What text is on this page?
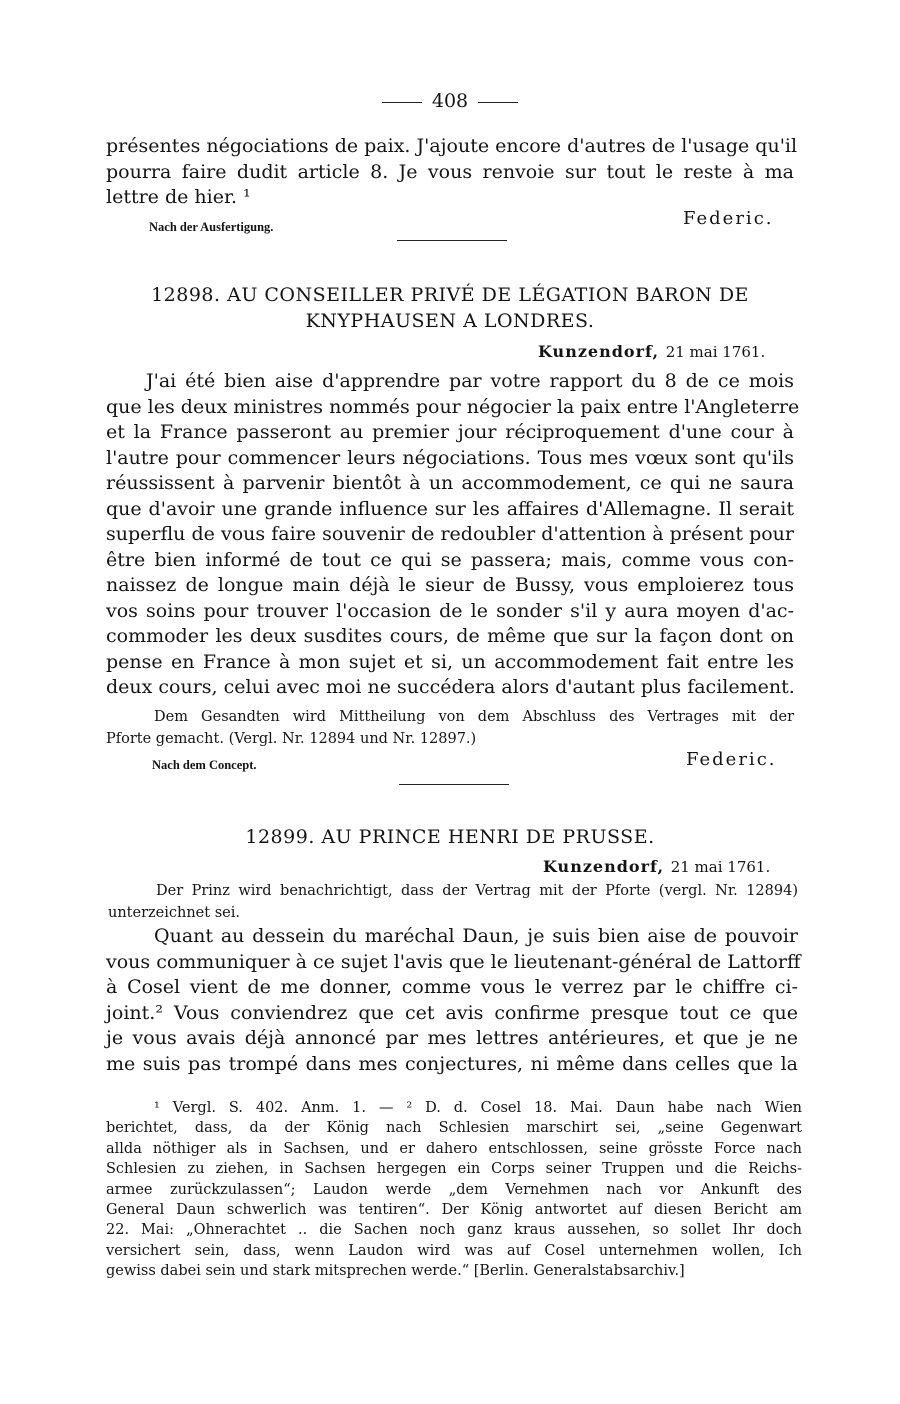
408
présentes négociations de paix. J'ajoute encore d'autres de l'usage qu'il
pourra faire dudit article 8. Je vous renvoie sur tout le reste à ma
lettre de hier. ¹
Nach der Ausfertigung.	Federic.
12898. AU CONSEILLER PRIVÉ DE LÉGATION BARON DE
KNYPHAUSEN A LONDRES.
Kunzendorf, 21 mai 1761.
J'ai été bien aise d'apprendre par votre rapport du 8 de ce mois
que les deux ministres nommés pour négocier la paix entre l'Angleterre
et la France passeront au premier jour réciproquement d'une cour à
l'autre pour commencer leurs négociations. Tous mes vœux sont qu'ils
réussissent à parvenir bientôt à un accommodement, ce qui ne saura
que d'avoir une grande influence sur les affaires d'Allemagne. Il serait
superflu de vous faire souvenir de redoubler d'attention à présent pour
être bien informé de tout ce qui se passera; mais, comme vous con-
naissez de longue main déjà le sieur de Bussy, vous emploierez tous
vos soins pour trouver l'occasion de le sonder s'il y aura moyen d'ac-
commoder les deux susdites cours, de même que sur la façon dont on
pense en France à mon sujet et si, un accommodement fait entre les
deux cours, celui avec moi ne succédera alors d'autant plus facilement.
Dem Gesandten wird Mittheilung von dem Abschluss des Vertrages mit der
Pforte gemacht. (Vergl. Nr. 12894 und Nr. 12897.)
Nach dem Concept.	Federic.
12899. AU PRINCE HENRI DE PRUSSE.
Kunzendorf, 21 mai 1761.
Der Prinz wird benachrichtigt, dass der Vertrag mit der Pforte (vergl. Nr. 12894)
unterzeichnet sei.
Quant au dessein du maréchal Daun, je suis bien aise de pouvoir
vous communiquer à ce sujet l'avis que le lieutenant-général de Lattorff
à Cosel vient de me donner, comme vous le verrez par le chiffre ci-
joint.² Vous conviendrez que cet avis confirme presque tout ce que
je vous avais déjà annoncé par mes lettres antérieures, et que je ne
me suis pas trompé dans mes conjectures, ni même dans celles que la
¹ Vergl. S. 402. Anm. 1. — ² D. d. Cosel 18. Mai. Daun habe nach Wien
berichtet, dass, da der König nach Schlesien marschirt sei, „seine Gegenwart
allda nöthiger als in Sachsen, und er dahero entschlossen, seine grösste Force nach
Schlesien zu ziehen, in Sachsen hergegen ein Corps seiner Truppen und die Reichs-
armee zurückzulassen“; Laudon werde „dem Vernehmen nach vor Ankunft des
General Daun schwerlich was tentiren“. Der König antwortet auf diesen Bericht am
22. Mai: „Ohnerachtet .. die Sachen noch ganz kraus aussehen, so sollet Ihr doch
versichert sein, dass, wenn Laudon wird was auf Cosel unternehmen wollen, Ich
gewiss dabei sein und stark mitsprechen werde.“ [Berlin. Generalstabsarchiv.]
